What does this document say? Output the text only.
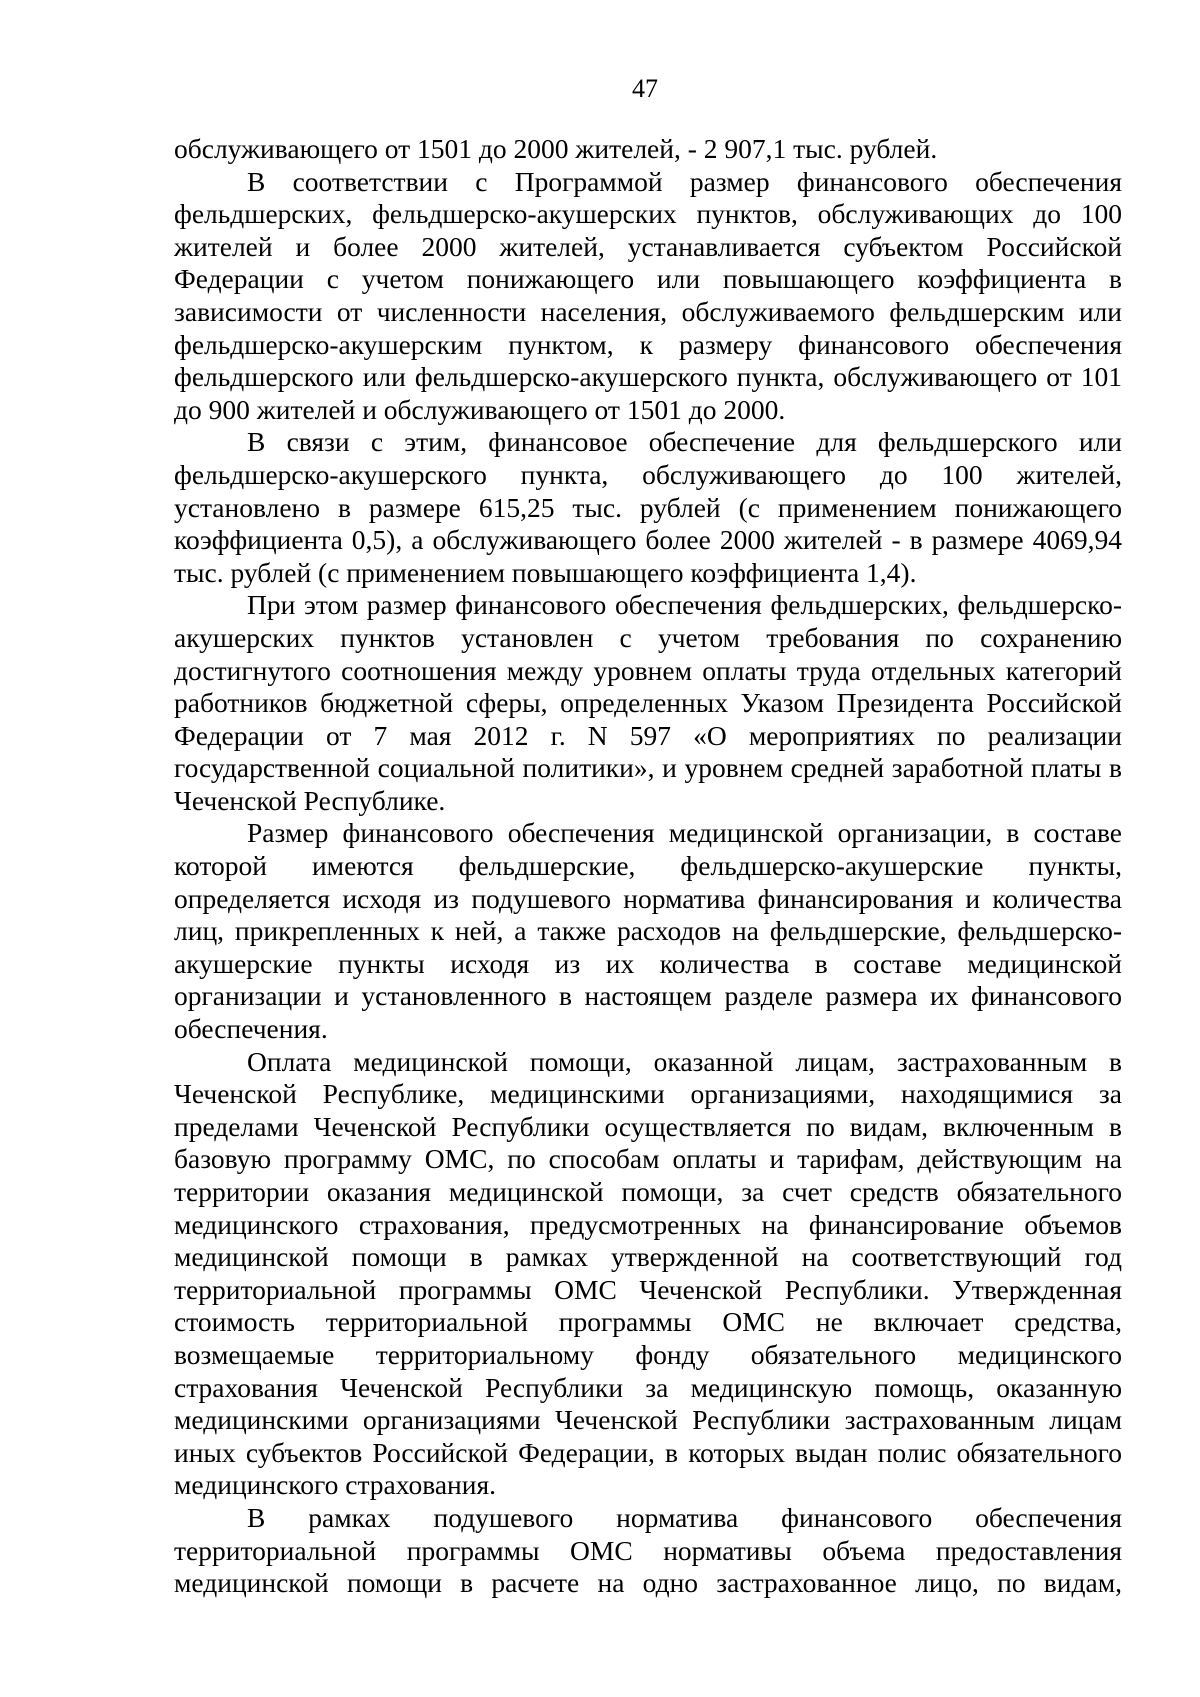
47

обслуживающего от 1501 до 2000 жителей, - 2 907,1 тыс. рублей.

В соответствии с Программой размер финансового обеспечения фельдшерских, фельдшерско-акушерских пунктов, обслуживающих до 100 жителей и более 2000 жителей, устанавливается субъектом Российской Федерации с учетом понижающего или повышающего коэффициента в зависимости от численности населения, обслуживаемого фельдшерским или фельдшерско-акушерским пунктом, к размеру финансового обеспечения фельдшерского или фельдшерско-акушерского пункта, обслуживающего от 101 до 900 жителей и обслуживающего от 1501 до 2000.

В связи с этим, финансовое обеспечение для фельдшерского или фельдшерско-акушерского пункта, обслуживающего до 100 жителей, установлено в размере 615,25 тыс. рублей (с применением понижающего коэффициента 0,5), а обслуживающего более 2000 жителей - в размере 4069,94 тыс. рублей (с применением повышающего коэффициента 1,4).

При этом размер финансового обеспечения фельдшерских, фельдшерско-акушерских пунктов установлен с учетом требования по сохранению достигнутого соотношения между уровнем оплаты труда отдельных категорий работников бюджетной сферы, определенных Указом Президента Российской Федерации от 7 мая 2012 г. N 597 «О мероприятиях по реализации государственной социальной политики», и уровнем средней заработной платы в Чеченской Республике.

Размер финансового обеспечения медицинской организации, в составе которой имеются фельдшерские, фельдшерско-акушерские пункты, определяется исходя из подушевого норматива финансирования и количества лиц, прикрепленных к ней, а также расходов на фельдшерские, фельдшерско-акушерские пункты исходя из их количества в составе медицинской организации и установленного в настоящем разделе размера их финансового обеспечения.

Оплата медицинской помощи, оказанной лицам, застрахованным в Чеченской Республике, медицинскими организациями, находящимися за пределами Чеченской Республики осуществляется по видам, включенным в базовую программу ОМС, по способам оплаты и тарифам, действующим на территории оказания медицинской помощи, за счет средств обязательного медицинского страхования, предусмотренных на финансирование объемов медицинской помощи в рамках утвержденной на соответствующий год территориальной программы ОМС Чеченской Республики. Утвержденная стоимость территориальной программы ОМС не включает средства, возмещаемые территориальному фонду обязательного медицинского страхования Чеченской Республики за медицинскую помощь, оказанную медицинскими организациями Чеченской Республики застрахованным лицам иных субъектов Российской Федерации, в которых выдан полис обязательного медицинского страхования.

В рамках подушевого норматива финансового обеспечения территориальной программы ОМС нормативы объема предоставления медицинской помощи в расчете на одно застрахованное лицо, по видам,
